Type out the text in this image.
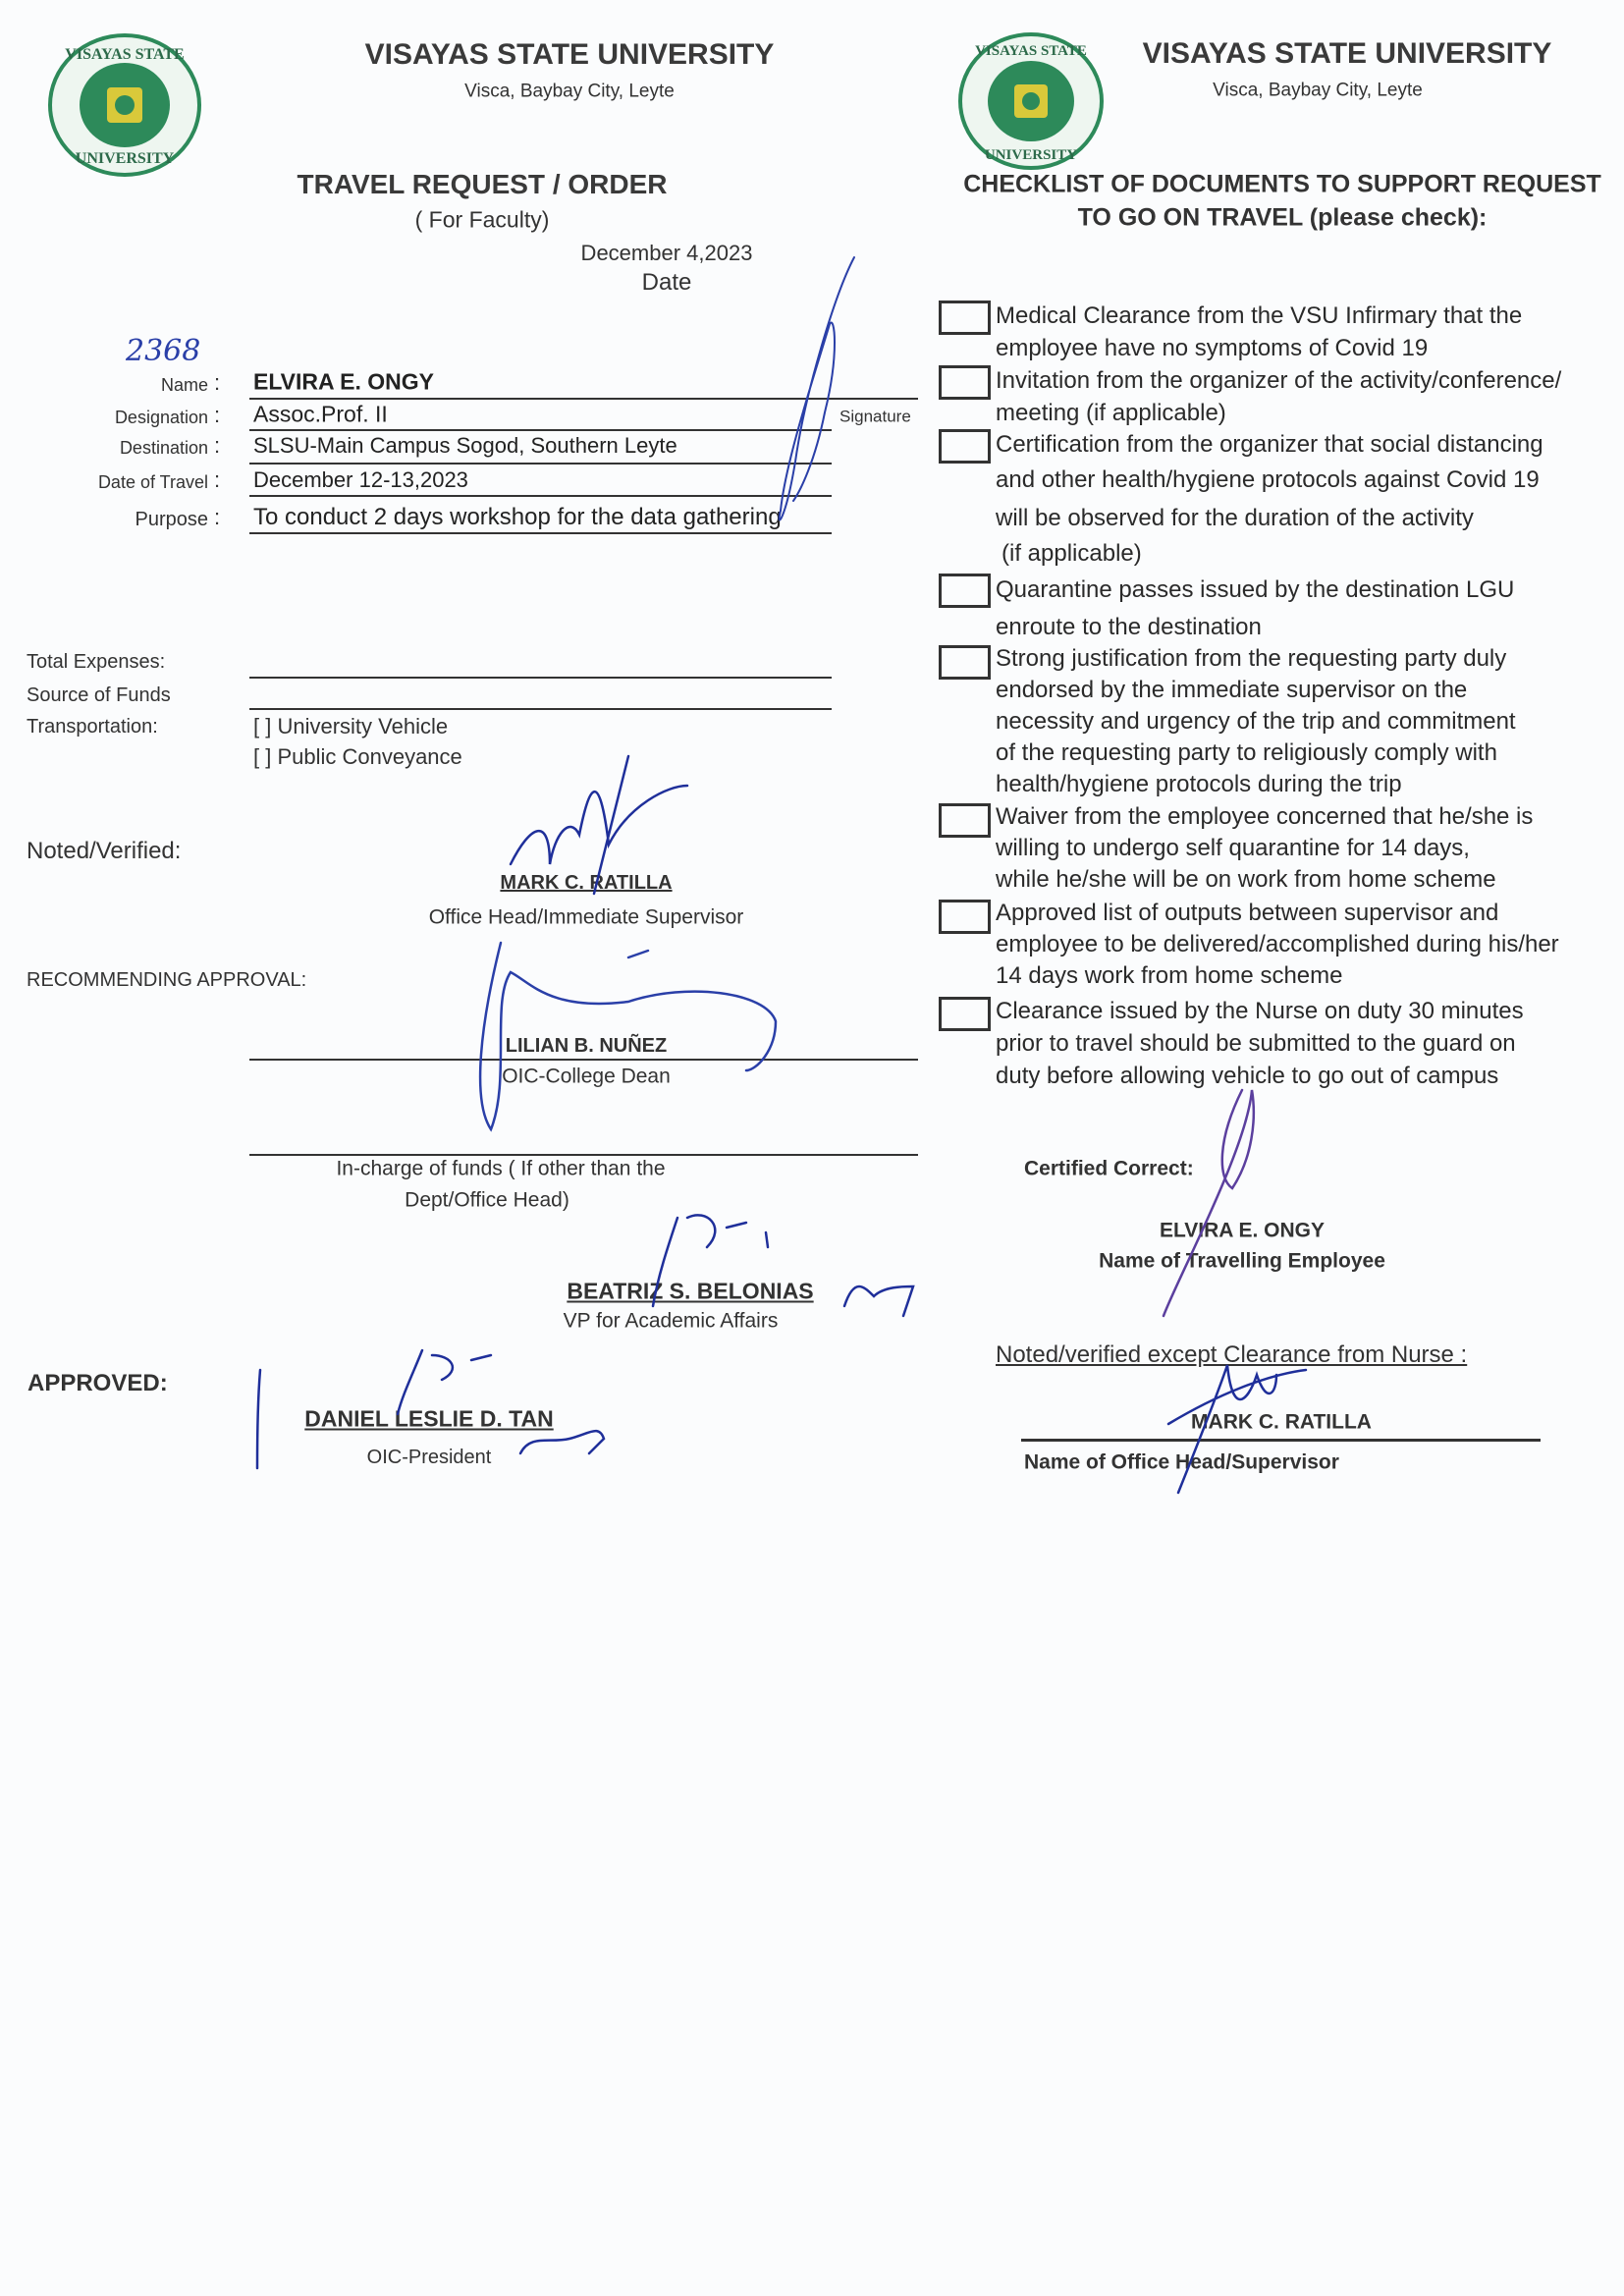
VISAYAS STATE
UNIVERSITY
VISAYAS STATE
UNIVERSITY
VISAYAS STATE UNIVERSITY
Visca, Baybay City, Leyte
TRAVEL REQUEST / ORDER
( For Faculty)
December 4,2023
Date
2368
Name : ELVIRA E. ONGY
Designation : Assoc.Prof. II	Signature
Destination : SLSU-Main Campus Sogod, Southern Leyte
Date of Travel : December 12-13,2023
Purpose : To conduct 2 days workshop for the data gathering
Total Expenses:
Source of Funds
Transportation:	[ ] University Vehicle
[ ] Public Conveyance
Noted/Verified:
MARK C. RATILLA
Office Head/Immediate Supervisor
RECOMMENDING APPROVAL:
LILIAN B. NUÑEZ
OIC-College Dean
In-charge of funds ( If other than the
Dept/Office Head)
BEATRIZ S. BELONIAS
VP for Academic Affairs
APPROVED:
DANIEL LESLIE D. TAN
OIC-President
VISAYAS STATE UNIVERSITY
Visca, Baybay City, Leyte
CHECKLIST OF DOCUMENTS TO SUPPORT REQUEST
TO GO ON TRAVEL (please check):
Medical Clearance from the VSU Infirmary that the
employee have no symptoms of Covid 19
Invitation from the organizer of the activity/conference/
meeting (if applicable)
Certification from the organizer that social distancing
and other health/hygiene protocols against Covid 19
will be observed for the duration of the activity
(if applicable)
Quarantine passes issued by the destination LGU
enroute to the destination
Strong justification from the requesting party duly
endorsed by the immediate supervisor on the
necessity and urgency of the trip and commitment
of the requesting party to religiously comply with
health/hygiene protocols during the trip
Waiver from the employee concerned that he/she is
willing to undergo self quarantine for 14 days,
while he/she will be on work from home scheme
Approved list of outputs between supervisor and
employee to be delivered/accomplished during his/her
14 days work from home scheme
Clearance issued by the Nurse on duty 30 minutes
prior to travel should be submitted to the guard on
duty before allowing vehicle to go out of campus
Certified Correct:
ELVIRA E. ONGY
Name of Travelling Employee
Noted/verified except Clearance from Nurse :
MARK C. RATILLA
Name of Office Head/Supervisor
